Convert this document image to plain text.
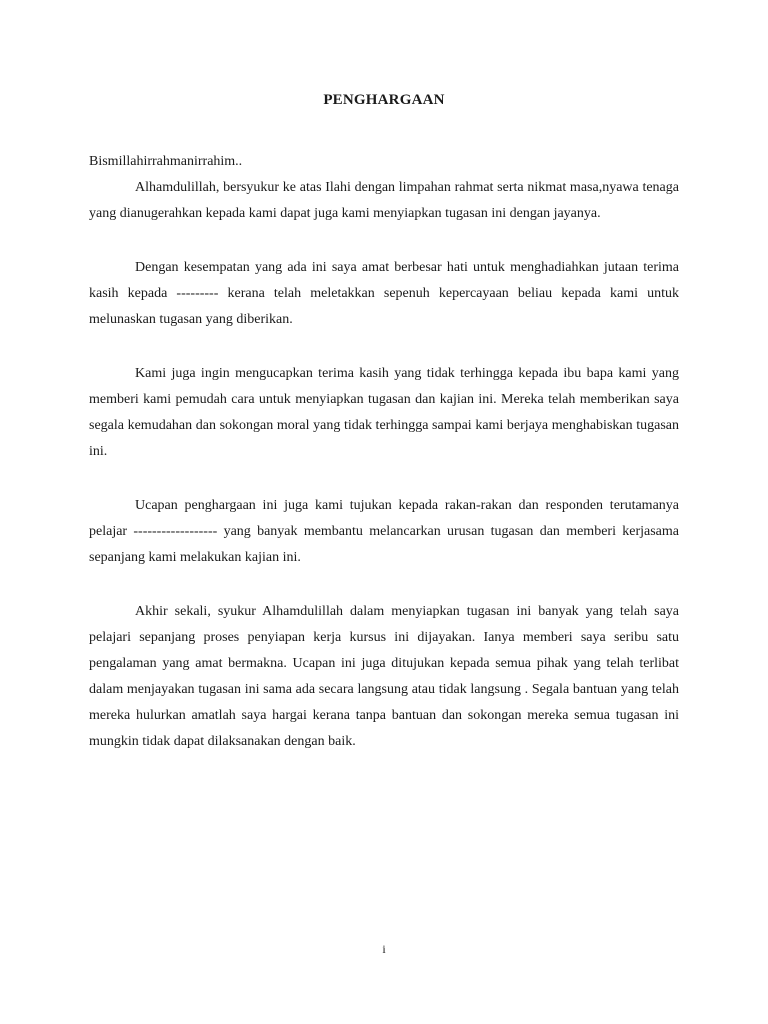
PENGHARGAAN

Bismillahirrahmanirrahim..

Alhamdulillah, bersyukur ke atas Ilahi dengan limpahan rahmat serta nikmat masa,nyawa tenaga yang dianugerahkan kepada kami dapat juga kami menyiapkan tugasan ini dengan jayanya.

Dengan kesempatan yang ada ini saya amat berbesar hati untuk menghadiahkan jutaan terima kasih kepada --------- kerana telah meletakkan sepenuh kepercayaan beliau kepada kami untuk melunaskan tugasan yang diberikan.

Kami juga ingin mengucapkan terima kasih yang tidak terhingga kepada ibu bapa kami yang memberi kami pemudah cara untuk menyiapkan tugasan dan kajian ini. Mereka telah memberikan saya segala kemudahan dan sokongan moral yang tidak terhingga sampai kami berjaya menghabiskan tugasan ini.

Ucapan penghargaan ini juga kami tujukan kepada rakan-rakan dan responden terutamanya pelajar ------------------ yang banyak membantu melancarkan urusan tugasan dan memberi kerjasama sepanjang kami melakukan kajian ini.

Akhir sekali, syukur Alhamdulillah dalam menyiapkan tugasan ini banyak yang telah saya pelajari sepanjang proses penyiapan kerja kursus ini dijayakan. Ianya memberi saya seribu satu pengalaman yang amat bermakna. Ucapan ini juga ditujukan kepada semua pihak yang telah terlibat dalam menjayakan tugasan ini sama ada secara langsung atau tidak langsung . Segala bantuan yang telah mereka hulurkan amatlah saya hargai kerana tanpa bantuan dan sokongan mereka semua tugasan ini mungkin tidak dapat dilaksanakan dengan baik.

i
